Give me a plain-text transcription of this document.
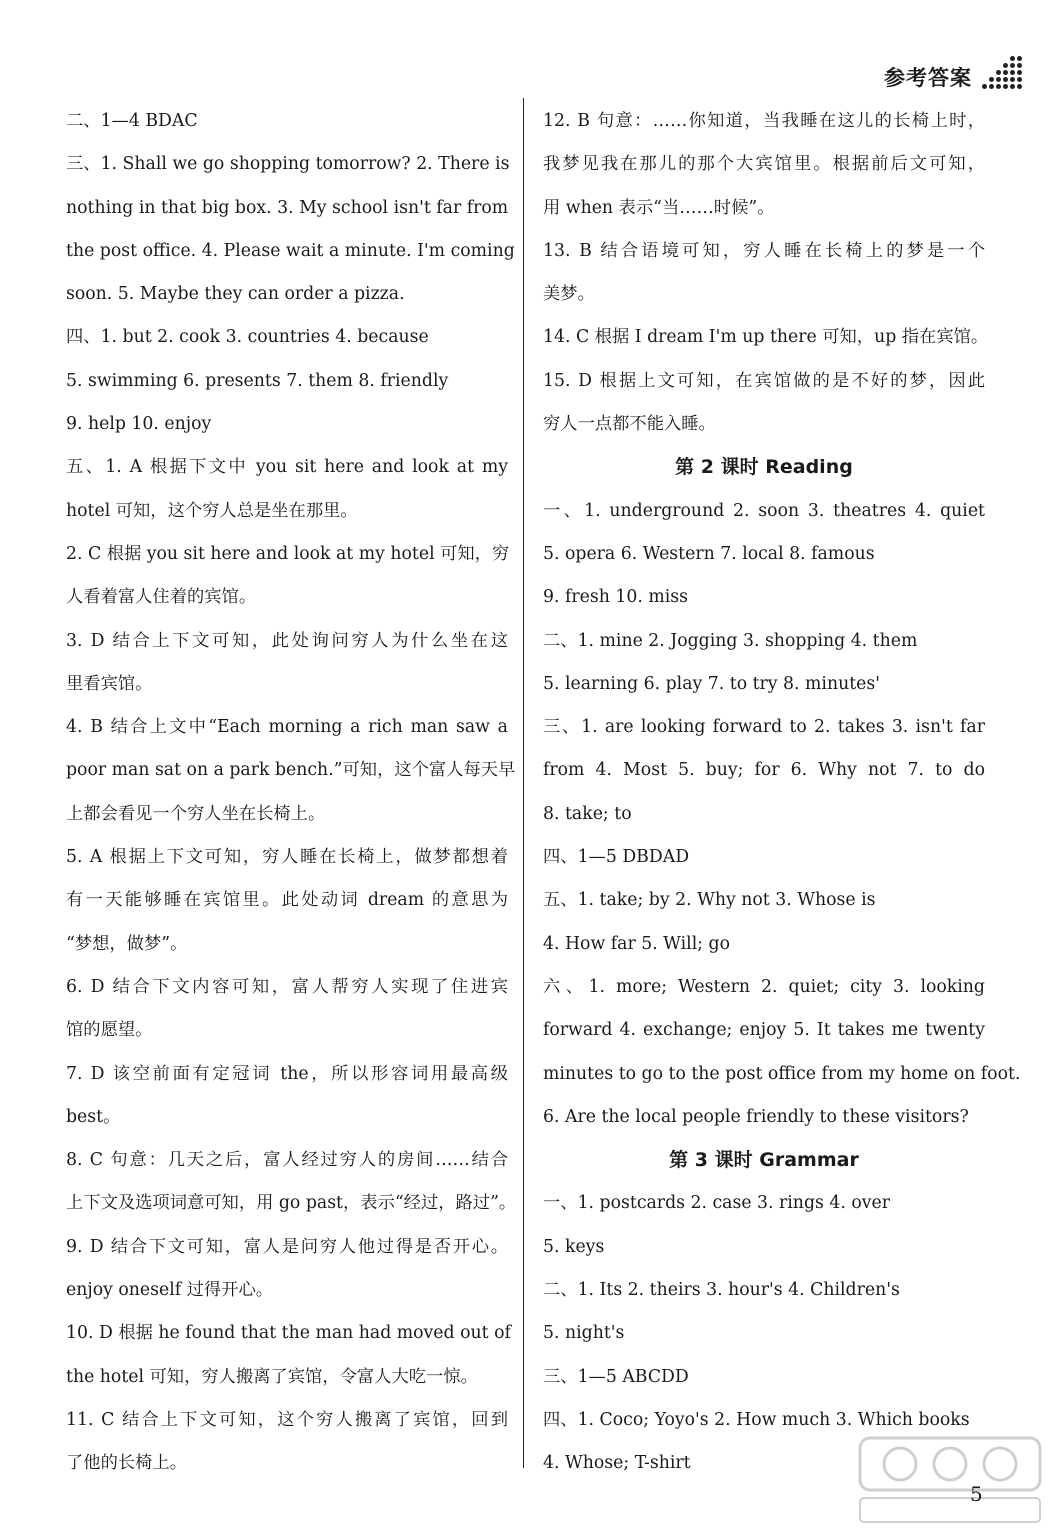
参考答案
二、1—4 BDAC
三、1. Shall we go shopping tomorrow? 2. There is
nothing in that big box. 3. My school isn't far from
the post office. 4. Please wait a minute. I'm coming
soon. 5. Maybe they can order a pizza.
四、1. but 2. cook 3. countries 4. because
5. swimming 6. presents 7. them 8. friendly
9. help 10. enjoy
五、1. A 根据下文中 you sit here and look at my
hotel 可知，这个穷人总是坐在那里。
2. C 根据 you sit here and look at my hotel 可知，穷
人看着富人住着的宾馆。
3. D 结合上下文可知，此处询问穷人为什么坐在这
里看宾馆。
4. B 结合上文中“Each morning a rich man saw a
poor man sat on a park bench.”可知，这个富人每天早
上都会看见一个穷人坐在长椅上。
5. A 根据上下文可知，穷人睡在长椅上，做梦都想着
有一天能够睡在宾馆里。此处动词 dream 的意思为
“梦想，做梦”。
6. D 结合下文内容可知，富人帮穷人实现了住进宾
馆的愿望。
7. D 该空前面有定冠词 the，所以形容词用最高级
best。
8. C 句意：几天之后，富人经过穷人的房间……结合
上下文及选项词意可知，用 go past，表示“经过，路过”。
9. D 结合下文可知，富人是问穷人他过得是否开心。
enjoy oneself 过得开心。
10. D 根据 he found that the man had moved out of
the hotel 可知，穷人搬离了宾馆，令富人大吃一惊。
11. C 结合上下文可知，这个穷人搬离了宾馆，回到
了他的长椅上。
12. B 句意：……你知道，当我睡在这儿的长椅上时，
我梦见我在那儿的那个大宾馆里。根据前后文可知，
用 when 表示“当……时候”。
13. B 结合语境可知，穷人睡在长椅上的梦是一个
美梦。
14. C 根据 I dream I'm up there 可知，up 指在宾馆。
15. D 根据上文可知，在宾馆做的是不好的梦，因此
穷人一点都不能入睡。
第 2 课时 Reading
一、1. underground 2. soon 3. theatres 4. quiet
5. opera 6. Western 7. local 8. famous
9. fresh 10. miss
二、1. mine 2. Jogging 3. shopping 4. them
5. learning 6. play 7. to try 8. minutes'
三、1. are looking forward to 2. takes 3. isn't far
from 4. Most 5. buy; for 6. Why not 7. to do
8. take; to
四、1—5 DBDAD
五、1. take; by 2. Why not 3. Whose is
4. How far 5. Will; go
六、1. more; Western 2. quiet; city 3. looking
forward 4. exchange; enjoy 5. It takes me twenty
minutes to go to the post office from my home on foot.
6. Are the local people friendly to these visitors?
第 3 课时 Grammar
一、1. postcards 2. case 3. rings 4. over
5. keys
二、1. Its 2. theirs 3. hour's 4. Children's
5. night's
三、1—5 ABCDD
四、1. Coco; Yoyo's 2. How much 3. Which books
4. Whose; T-shirt
5
